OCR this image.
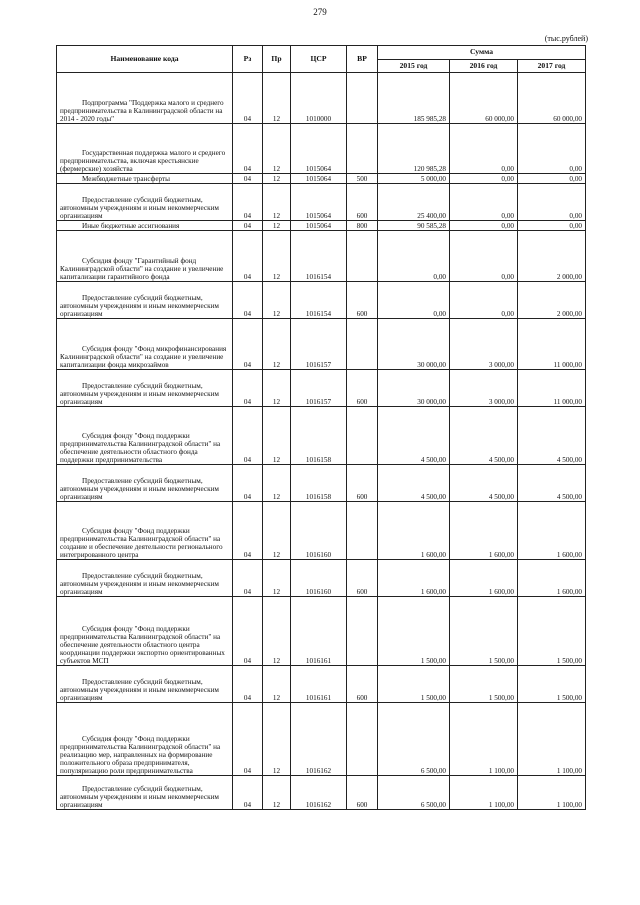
279
(тыс.рублей)
Наименование кода	Рз	Пр	ЦСР	ВР	Сумма		
					2015 год	2016 год	2017 год
Подпрограмма "Поддержка малого и среднего предпринимательства в Калининградской области на 2014 - 2020 годы"	04	12	1010000		185 985,28	60 000,00	60 000,00
Государственная поддержка малого и среднего предпринимательства, включая крестьянские (фермерские) хозяйства	04	12	1015064		120 985,28	0,00	0,00
Межбюджетные трансферты	04	12	1015064	500	5 000,00	0,00	0,00
Предоставление субсидий бюджетным, автономным учреждениям и иным некоммерческим организациям	04	12	1015064	600	25 400,00	0,00	0,00
Иные бюджетные ассигнования	04	12	1015064	800	90 585,28	0,00	0,00
Субсидия фонду "Гарантийный фонд Калининградской области" на создание и увеличение капитализации гарантийного фонда	04	12	1016154		0,00	0,00	2 000,00
Предоставление субсидий бюджетным, автономным учреждениям и иным некоммерческим организациям	04	12	1016154	600	0,00	0,00	2 000,00
Субсидия фонду "Фонд микрофинансирования Калининградской области" на создание и увеличение капитализации фонда микрозаймов	04	12	1016157		30 000,00	3 000,00	11 000,00
Предоставление субсидий бюджетным, автономным учреждениям и иным некоммерческим организациям	04	12	1016157	600	30 000,00	3 000,00	11 000,00
Субсидия фонду "Фонд поддержки предпринимательства Калининградской области" на обеспечение деятельности областного фонда поддержки предпринимательства	04	12	1016158		4 500,00	4 500,00	4 500,00
Предоставление субсидий бюджетным, автономным учреждениям и иным некоммерческим организациям	04	12	1016158	600	4 500,00	4 500,00	4 500,00
Субсидия фонду "Фонд поддержки предпринимательства Калининградской области" на создание и обеспечение деятельности регионального интегрированного центра	04	12	1016160		1 600,00	1 600,00	1 600,00
Предоставление субсидий бюджетным, автономным учреждениям и иным некоммерческим организациям	04	12	1016160	600	1 600,00	1 600,00	1 600,00
Субсидия фонду "Фонд поддержки предпринимательства Калининградской области" на обеспечение деятельности областного центра координации поддержки экспортно ориентированных субъектов МСП	04	12	1016161		1 500,00	1 500,00	1 500,00
Предоставление субсидий бюджетным, автономным учреждениям и иным некоммерческим организациям	04	12	1016161	600	1 500,00	1 500,00	1 500,00
Субсидия фонду "Фонд поддержки предпринимательства Калининградской области" на реализацию мер, направленных на формирование положительного образа предпринимателя, популяризацию роли предпринимательства	04	12	1016162		6 500,00	1 100,00	1 100,00
Предоставление субсидий бюджетным, автономным учреждениям и иным некоммерческим организациям	04	12	1016162	600	6 500,00	1 100,00	1 100,00
